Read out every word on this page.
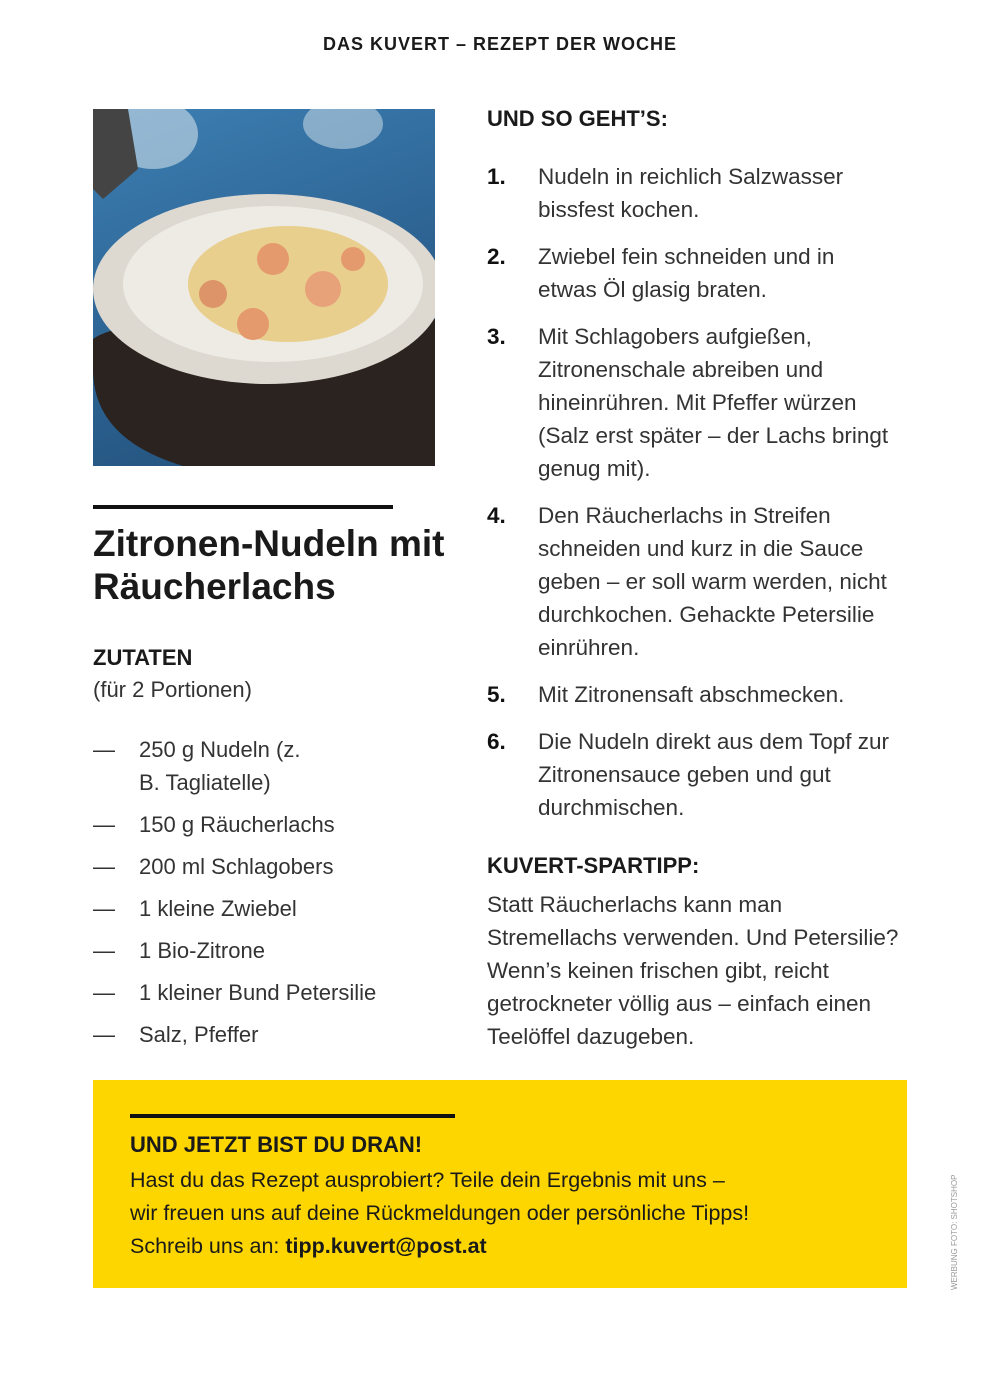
DAS KUVERT – REZEPT DER WOCHE
Zitronen-Nudeln mit Räucherlachs
ZUTATEN
(für 2 Portionen)
—	250 g Nudeln (z. B. Tagliatelle)
—	150 g Räucherlachs
—	200 ml Schlagobers
—	1 kleine Zwiebel
—	1 Bio-Zitrone
—	1 kleiner Bund Petersilie
—	Salz, Pfeffer
UND SO GEHT’S:
1.	Nudeln in reichlich Salzwasser bissfest kochen.
2.	Zwiebel fein schneiden und in etwas Öl glasig braten.
3.	Mit Schlagobers aufgießen, Zitronenschale abreiben und hineinrühren. Mit Pfeffer würzen (Salz erst später – der Lachs bringt genug mit).
4.	Den Räucherlachs in Streifen schneiden und kurz in die Sauce geben – er soll warm werden, nicht durchkochen. Gehackte Petersilie einrühren.
5.	Mit Zitronensaft abschmecken.
6.	Die Nudeln direkt aus dem Topf zur Zitronensauce geben und gut durchmischen.
KUVERT-SPARTIPP:
Statt Räucherlachs kann man Stremellachs verwenden. Und Petersilie? Wenn’s keinen frischen gibt, reicht getrockneter völlig aus – einfach einen Teelöffel dazugeben.
UND JETZT BIST DU DRAN!
Hast du das Rezept ausprobiert? Teile dein Ergebnis mit uns –
wir freuen uns auf deine Rückmeldungen oder persönliche Tipps!
Schreib uns an: tipp.kuvert@post.at	WERBUNG FOTO: SHOTSHOP
